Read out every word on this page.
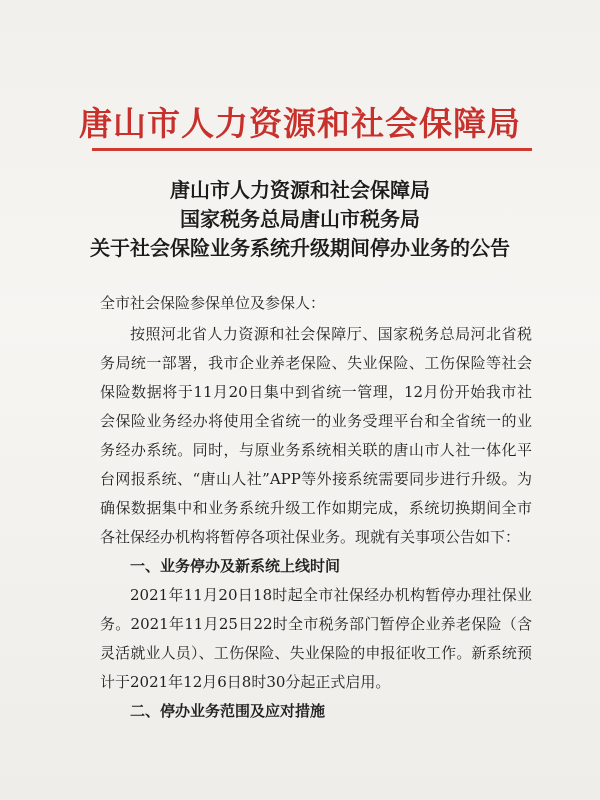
唐山市人力资源和社会保障局
唐山市人力资源和社会保障局
国家税务总局唐山市税务局
关于社会保险业务系统升级期间停办业务的公告
全市社会保险参保单位及参保人：
按照河北省人力资源和社会保障厅、国家税务总局河北省税务局统一部署，我市企业养老保险、失业保险、工伤保险等社会保险数据将于11月20日集中到省统一管理，12月份开始我市社会保险业务经办将使用全省统一的业务受理平台和全省统一的业务经办系统。同时，与原业务系统相关联的唐山市人社一体化平台网报系统、“唐山人社”APP等外接系统需要同步进行升级。为确保数据集中和业务系统升级工作如期完成，系统切换期间全市各社保经办机构将暂停各项社保业务。现就有关事项公告如下：
一、业务停办及新系统上线时间
2021年11月20日18时起全市社保经办机构暂停办理社保业务。2021年11月25日22时全市税务部门暂停企业养老保险（含灵活就业人员）、工伤保险、失业保险的申报征收工作。新系统预计于2021年12月6日8时30分起正式启用。
二、停办业务范围及应对措施
